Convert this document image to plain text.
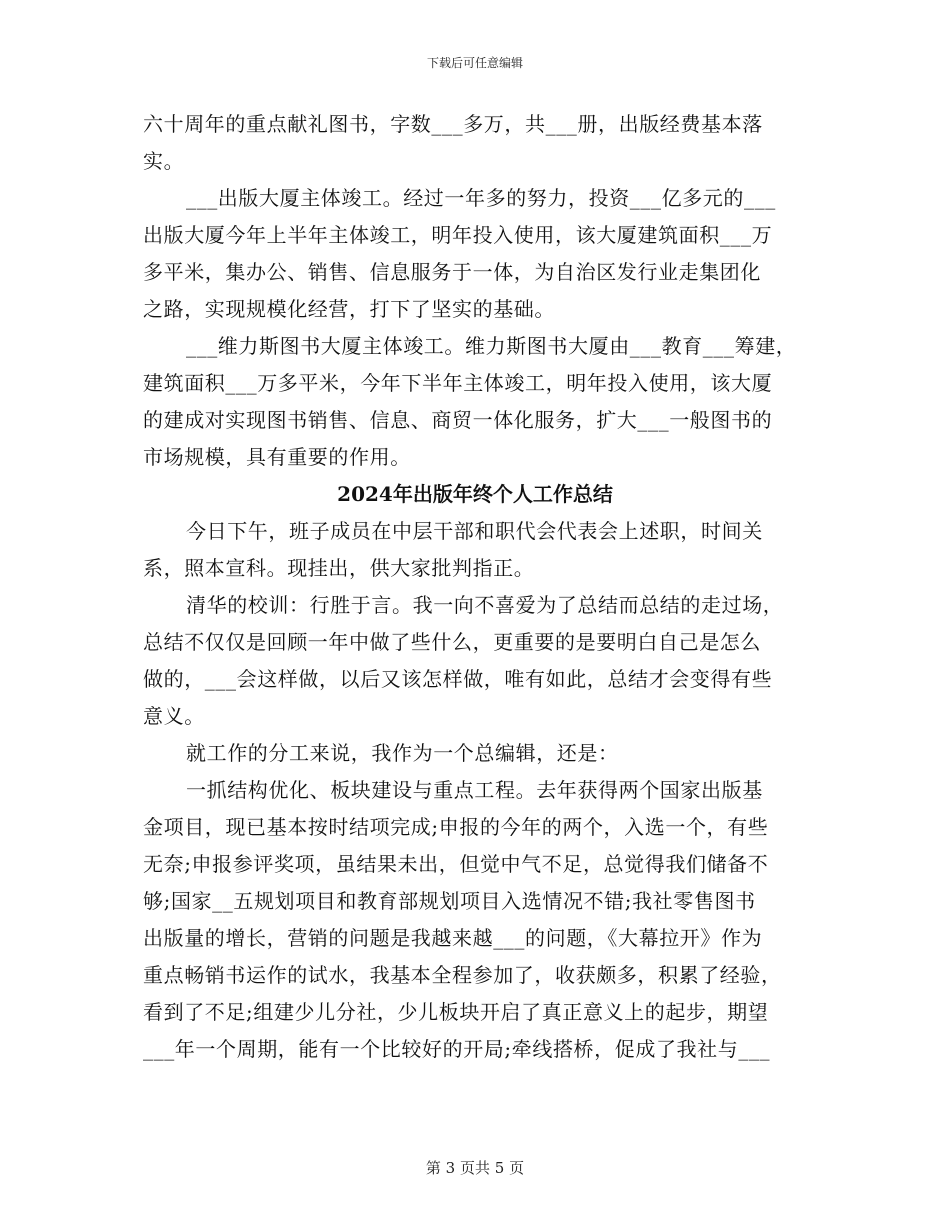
下载后可任意编辑
六十周年的重点献礼图书，字数___多万，共___册，出版经费基本落
实。
___出版大厦主体竣工。经过一年多的努力，投资___亿多元的___
出版大厦今年上半年主体竣工，明年投入使用，该大厦建筑面积___万
多平米，集办公、销售、信息服务于一体，为自治区发行业走集团化
之路，实现规模化经营，打下了坚实的基础。
___维力斯图书大厦主体竣工。维力斯图书大厦由___教育___筹建，
建筑面积___万多平米，今年下半年主体竣工，明年投入使用，该大厦
的建成对实现图书销售、信息、商贸一体化服务，扩大___一般图书的
市场规模，具有重要的作用。
2024年出版年终个人工作总结
今日下午，班子成员在中层干部和职代会代表会上述职，时间关
系，照本宣科。现挂出，供大家批判指正。
清华的校训：行胜于言。我一向不喜爱为了总结而总结的走过场，
总结不仅仅是回顾一年中做了些什么，更重要的是要明白自己是怎么
做的，___会这样做，以后又该怎样做，唯有如此，总结才会变得有些
意义。
就工作的分工来说，我作为一个总编辑，还是：
一抓结构优化、板块建设与重点工程。去年获得两个国家出版基
金项目，现已基本按时结项完成;申报的今年的两个，入选一个，有些
无奈;申报参评奖项，虽结果未出，但觉中气不足，总觉得我们储备不
够;国家__五规划项目和教育部规划项目入选情况不错;我社零售图书
出版量的增长，营销的问题是我越来越___的问题，《大幕拉开》作为
重点畅销书运作的试水，我基本全程参加了，收获颇多，积累了经验，
看到了不足;组建少儿分社，少儿板块开启了真正意义上的起步，期望
___年一个周期，能有一个比较好的开局;牵线搭桥，促成了我社与___
第 3 页共 5 页
